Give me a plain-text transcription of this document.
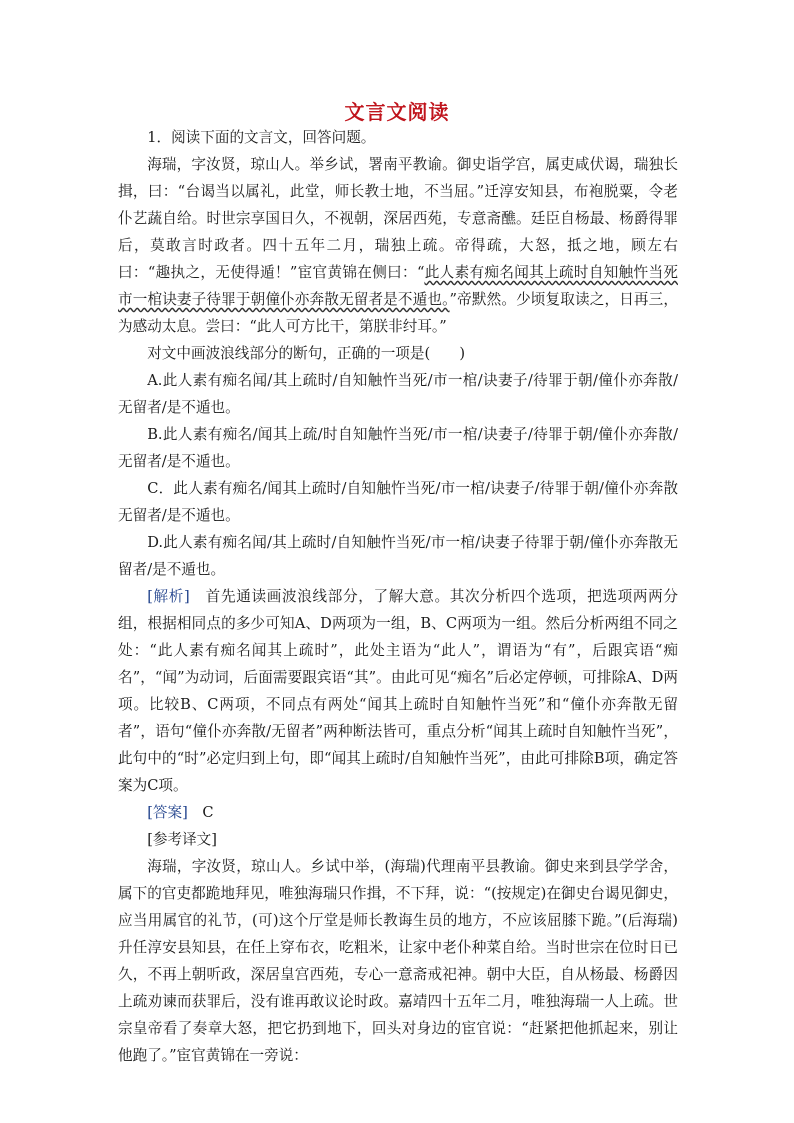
文言文阅读

1．阅读下面的文言文，回答问题。

海瑞，字汝贤，琼山人。举乡试，署南平教谕。御史诣学宫，属吏咸伏谒，瑞独长揖，曰：“台谒当以属礼，此堂，师长教士地，不当屈。”迁淳安知县，布袍脱粟，令老仆艺蔬自给。时世宗享国日久，不视朝，深居西苑，专意斋醮。廷臣自杨最、杨爵得罪后，莫敢言时政者。四十五年二月，瑞独上疏。帝得疏，大怒，抵之地，顾左右曰：“趣执之，无使得遁！”宦官黄锦在侧曰：“此人素有痴名闻其上疏时自知触忤当死市一棺诀妻子待罪于朝僮仆亦奔散无留者是不遁也。”帝默然。少顷复取读之，日再三，为感动太息。尝曰：“此人可方比干，第朕非纣耳。”

对文中画波浪线部分的断句，正确的一项是(　　)

A.此人素有痴名闻/其上疏时/自知触忤当死/市一棺/诀妻子/待罪于朝/僮仆亦奔散/无留者/是不遁也。

B.此人素有痴名/闻其上疏/时自知触忤当死/市一棺/诀妻子/待罪于朝/僮仆亦奔散/无留者/是不遁也。

C．此人素有痴名/闻其上疏时/自知触忤当死/市一棺/诀妻子/待罪于朝/僮仆亦奔散无留者/是不遁也。

D.此人素有痴名闻/其上疏时/自知触忤当死/市一棺/诀妻子待罪于朝/僮仆亦奔散无留者/是不遁也。

[解析]　首先通读画波浪线部分，了解大意。其次分析四个选项，把选项两两分组，根据相同点的多少可知A、D两项为一组，B、C两项为一组。然后分析两组不同之处：“此人素有痴名闻其上疏时”，此处主语为“此人”，谓语为“有”，后跟宾语“痴名”，“闻”为动词，后面需要跟宾语“其”。由此可见“痴名”后必定停顿，可排除A、D两项。比较B、C两项，不同点有两处“闻其上疏时自知触忤当死”和“僮仆亦奔散无留者”，语句“僮仆亦奔散/无留者”两种断法皆可，重点分析“闻其上疏时自知触忤当死”，此句中的“时”必定归到上句，即“闻其上疏时/自知触忤当死”，由此可排除B项，确定答案为C项。

[答案]　C

[参考译文]

海瑞，字汝贤，琼山人。乡试中举，(海瑞)代理南平县教谕。御史来到县学学舍，属下的官吏都跪地拜见，唯独海瑞只作揖，不下拜，说：“(按规定)在御史台谒见御史，应当用属官的礼节，(可)这个厅堂是师长教诲生员的地方，不应该屈膝下跪。”(后海瑞)升任淳安县知县，在任上穿布衣，吃粗米，让家中老仆种菜自给。当时世宗在位时日已久，不再上朝听政，深居皇宫西苑，专心一意斋戒祀神。朝中大臣，自从杨最、杨爵因上疏劝谏而获罪后，没有谁再敢议论时政。嘉靖四十五年二月，唯独海瑞一人上疏。世宗皇帝看了奏章大怒，把它扔到地下，回头对身边的宦官说：“赶紧把他抓起来，别让他跑了。”宦官黄锦在一旁说：
